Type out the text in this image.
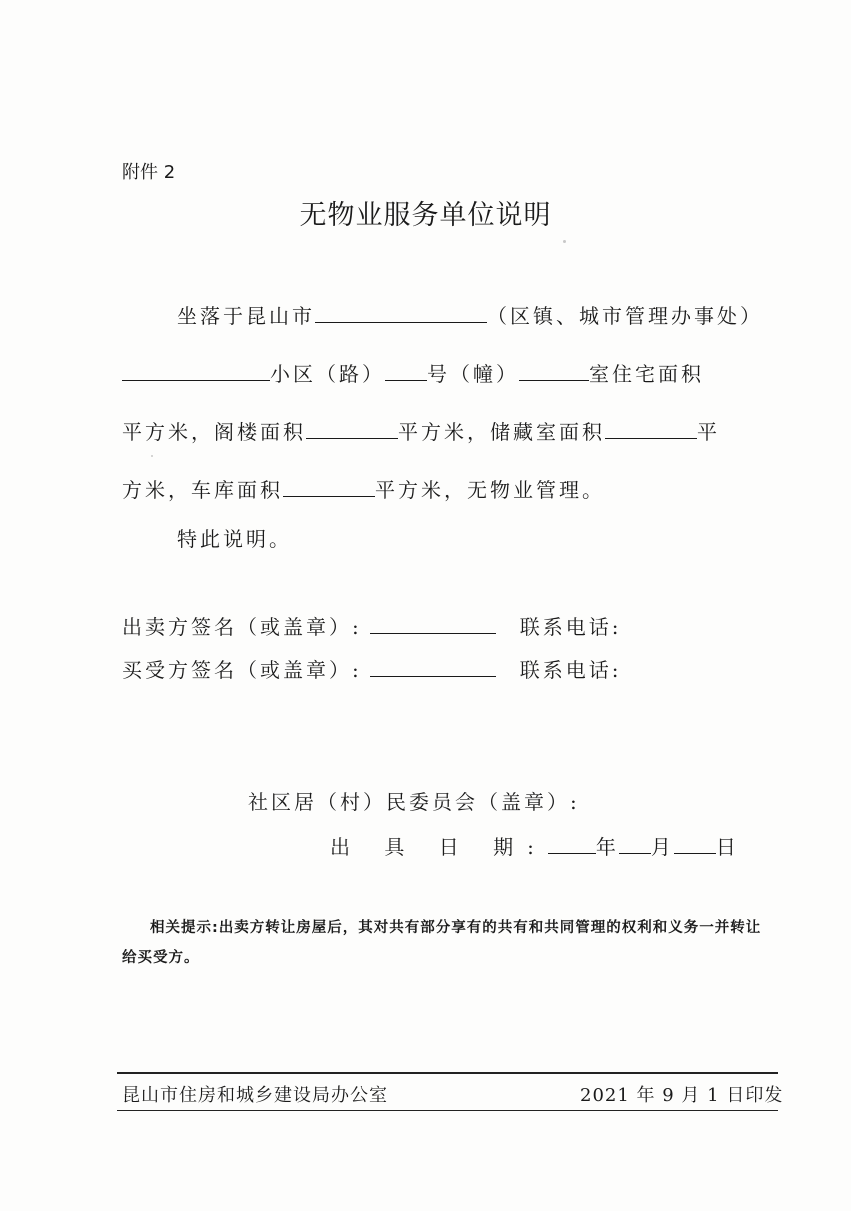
附件 2
无物业服务单位说明
坐落于昆山市	（区镇、城市管理办事处）
小区（路） 号（幢）	室住宅面积
平方米，阁楼面积	平方米，储藏室面积	平
方米，车库面积	平方米，无物业管理。
特此说明。
出卖方签名（或盖章）:	联系电话:
买受方签名（或盖章）:	联系电话:
社区居（村）民委员会（盖章）:
出 具 日 期: 年 月 日
相关提示:出卖方转让房屋后，其对共有部分享有的共有和共同管理的权利和义务一并转让给买受方。
昆山市住房和城乡建设局办公室	2021 年 9 月 1 日印发
